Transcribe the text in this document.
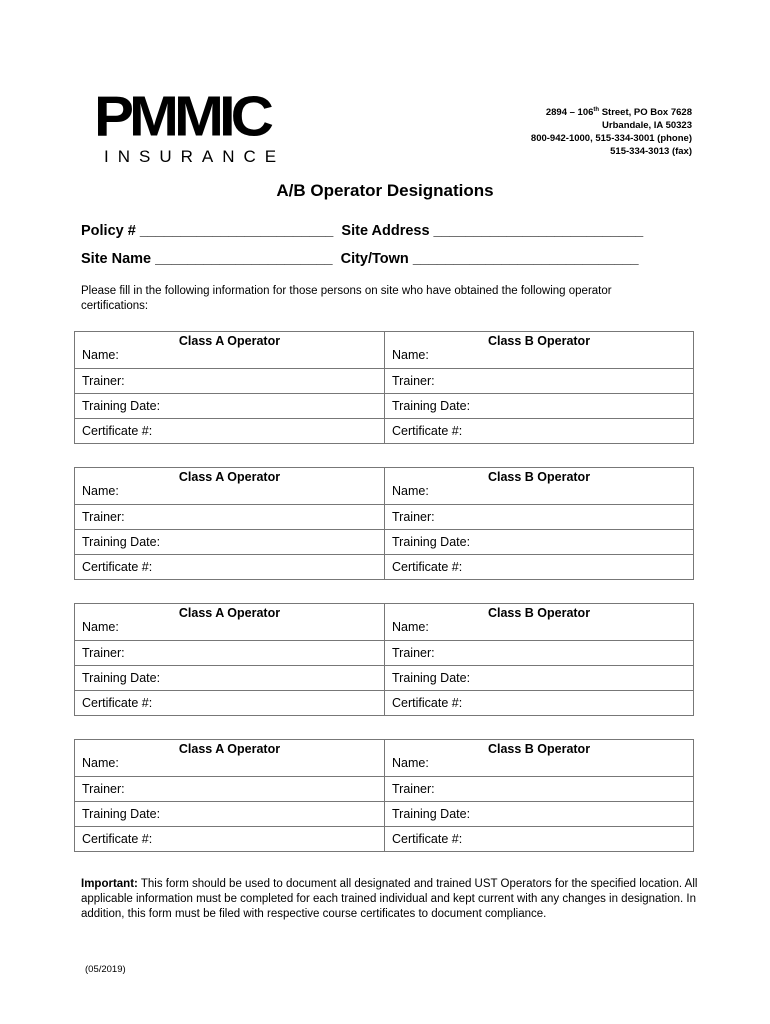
PMMIC
INSURANCE
2894 – 106th Street, PO Box 7628
Urbandale, IA 50323
800-942-1000, 515-334-3001 (phone)
515-334-3013 (fax)
A/B Operator Designations
Policy # ________________________ Site Address __________________________
Site Name ______________________ City/Town ____________________________
Please fill in the following information for those persons on site who have obtained the following operator certifications:
Class A Operator	Class B Operator
Name:	Name:
Trainer:	Trainer:
Training Date:	Training Date:
Certificate #:	Certificate #:
Class A Operator	Class B Operator
Name:	Name:
Trainer:	Trainer:
Training Date:	Training Date:
Certificate #:	Certificate #:
Class A Operator	Class B Operator
Name:	Name:
Trainer:	Trainer:
Training Date:	Training Date:
Certificate #:	Certificate #:
Class A Operator	Class B Operator
Name:	Name:
Trainer:	Trainer:
Training Date:	Training Date:
Certificate #:	Certificate #:
Important: This form should be used to document all designated and trained UST Operators for the specified location. All applicable information must be completed for each trained individual and kept current with any changes in designation. In addition, this form must be filed with respective course certificates to document compliance.
(05/2019)
